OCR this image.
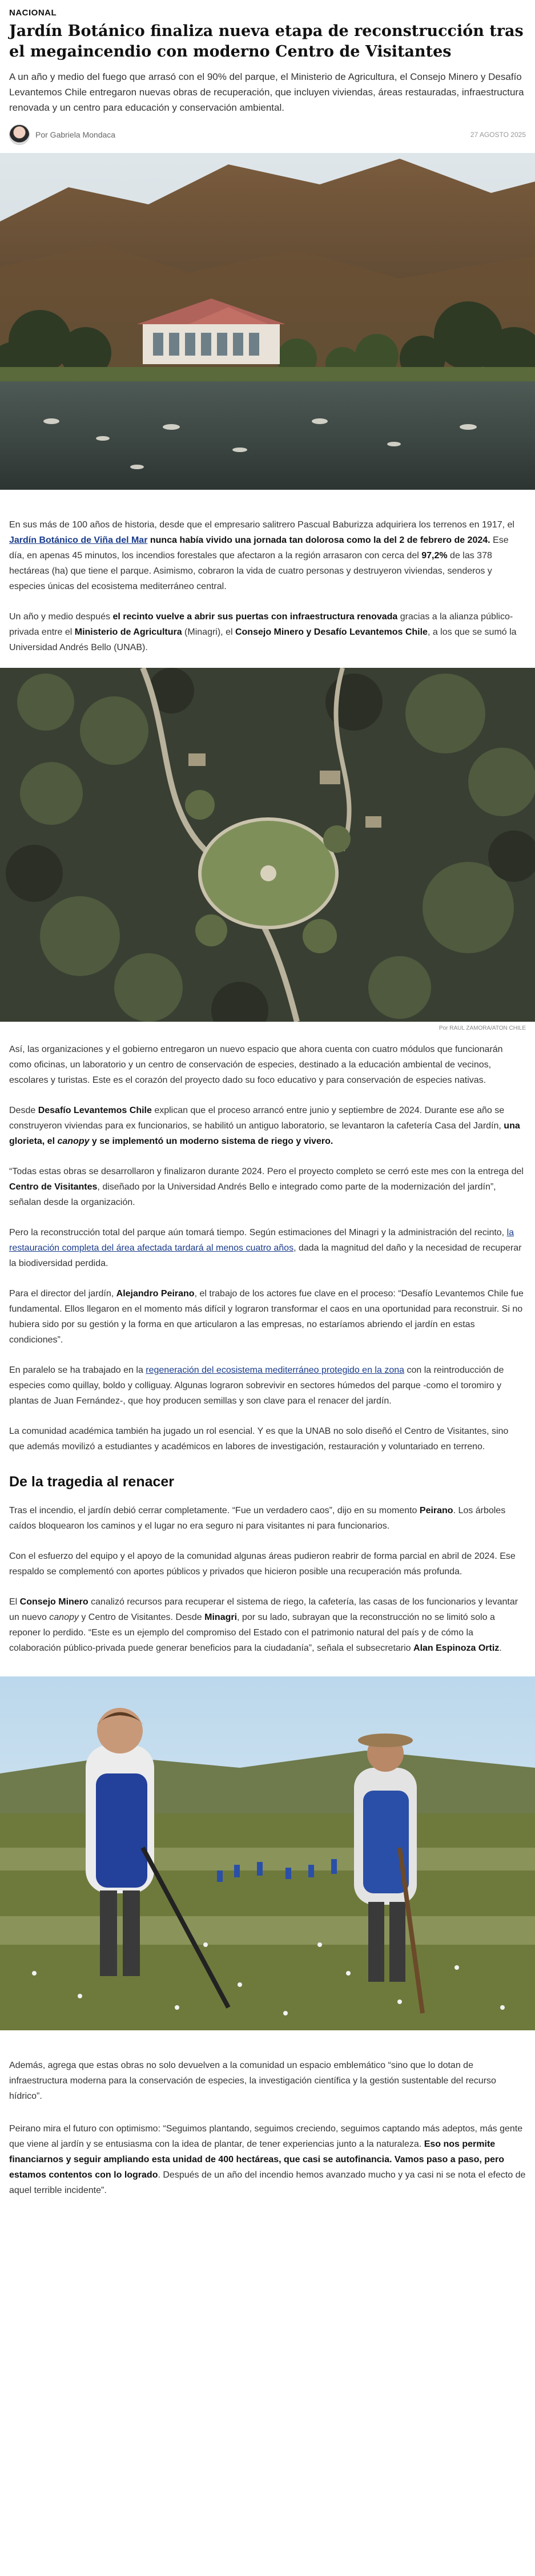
NACIONAL
Jardín Botánico finaliza nueva etapa de reconstrucción tras el megaincendio con moderno Centro de Visitantes

A un año y medio del fuego que arrasó con el 90% del parque, el Ministerio de Agricultura, el Consejo Minero y Desafío Levantemos Chile entregaron nuevas obras de recuperación, que incluyen viviendas, áreas restauradas, infraestructura renovada y un centro para educación y conservación ambiental.

Por Gabriela Mondaca	27 AGOSTO 2025

En sus más de 100 años de historia, desde que el empresario salitrero Pascual Baburizza adquiriera los terrenos en 1917, el Jardín Botánico de Viña del Mar nunca había vivido una jornada tan dolorosa como la del 2 de febrero de 2024. Ese día, en apenas 45 minutos, los incendios forestales que afectaron a la región arrasaron con cerca del 97,2% de las 378 hectáreas (ha) que tiene el parque. Asimismo, cobraron la vida de cuatro personas y destruyeron viviendas, senderos y especies únicas del ecosistema mediterráneo central.

Un año y medio después el recinto vuelve a abrir sus puertas con infraestructura renovada gracias a la alianza público-privada entre el Ministerio de Agricultura (Minagri), el Consejo Minero y Desafío Levantemos Chile, a los que se sumó la Universidad Andrés Bello (UNAB).

Por RAUL ZAMORA/ATON CHILE

Así, las organizaciones y el gobierno entregaron un nuevo espacio que ahora cuenta con cuatro módulos que funcionarán como oficinas, un laboratorio y un centro de conservación de especies, destinado a la educación ambiental de vecinos, escolares y turistas. Este es el corazón del proyecto dado su foco educativo y para conservación de especies nativas.

Desde Desafío Levantemos Chile explican que el proceso arrancó entre junio y septiembre de 2024. Durante ese año se construyeron viviendas para ex funcionarios, se habilitó un antiguo laboratorio, se levantaron la cafetería Casa del Jardín, una glorieta, el canopy y se implementó un moderno sistema de riego y vivero.

“Todas estas obras se desarrollaron y finalizaron durante 2024. Pero el proyecto completo se cerró este mes con la entrega del Centro de Visitantes, diseñado por la Universidad Andrés Bello e integrado como parte de la modernización del jardín”, señalan desde la organización.

Pero la reconstrucción total del parque aún tomará tiempo. Según estimaciones del Minagri y la administración del recinto, la restauración completa del área afectada tardará al menos cuatro años, dada la magnitud del daño y la necesidad de recuperar la biodiversidad perdida.

Para el director del jardín, Alejandro Peirano, el trabajo de los actores fue clave en el proceso: “Desafío Levantemos Chile fue fundamental. Ellos llegaron en el momento más difícil y lograron transformar el caos en una oportunidad para reconstruir. Si no hubiera sido por su gestión y la forma en que articularon a las empresas, no estaríamos abriendo el jardín en estas condiciones”.

En paralelo se ha trabajado en la regeneración del ecosistema mediterráneo protegido en la zona con la reintroducción de especies como quillay, boldo y colliguay. Algunas lograron sobrevivir en sectores húmedos del parque -como el toromiro y plantas de Juan Fernández-, que hoy producen semillas y son clave para el renacer del jardín.

La comunidad académica también ha jugado un rol esencial. Y es que la UNAB no solo diseñó el Centro de Visitantes, sino que además movilizó a estudiantes y académicos en labores de investigación, restauración y voluntariado en terreno.

De la tragedia al renacer

Tras el incendio, el jardín debió cerrar completamente. “Fue un verdadero caos”, dijo en su momento Peirano. Los árboles caídos bloquearon los caminos y el lugar no era seguro ni para visitantes ni para funcionarios.

Con el esfuerzo del equipo y el apoyo de la comunidad algunas áreas pudieron reabrir de forma parcial en abril de 2024. Ese respaldo se complementó con aportes públicos y privados que hicieron posible una recuperación más profunda.

El Consejo Minero canalizó recursos para recuperar el sistema de riego, la cafetería, las casas de los funcionarios y levantar un nuevo canopy y Centro de Visitantes. Desde Minagri, por su lado, subrayan que la reconstrucción no se limitó solo a reponer lo perdido. “Este es un ejemplo del compromiso del Estado con el patrimonio natural del país y de cómo la colaboración público-privada puede generar beneficios para la ciudadanía”, señala el subsecretario Alan Espinoza Ortiz.

Además, agrega que estas obras no solo devuelven a la comunidad un espacio emblemático “sino que lo dotan de infraestructura moderna para la conservación de especies, la investigación científica y la gestión sustentable del recurso hídrico”.

Peirano mira el futuro con optimismo: “Seguimos plantando, seguimos creciendo, seguimos captando más adeptos, más gente que viene al jardín y se entusiasma con la idea de plantar, de tener experiencias junto a la naturaleza. Eso nos permite financiarnos y seguir ampliando esta unidad de 400 hectáreas, que casi se autofinancia. Vamos paso a paso, pero estamos contentos con lo logrado. Después de un año del incendio hemos avanzado mucho y ya casi ni se nota el efecto de aquel terrible incidente”.
